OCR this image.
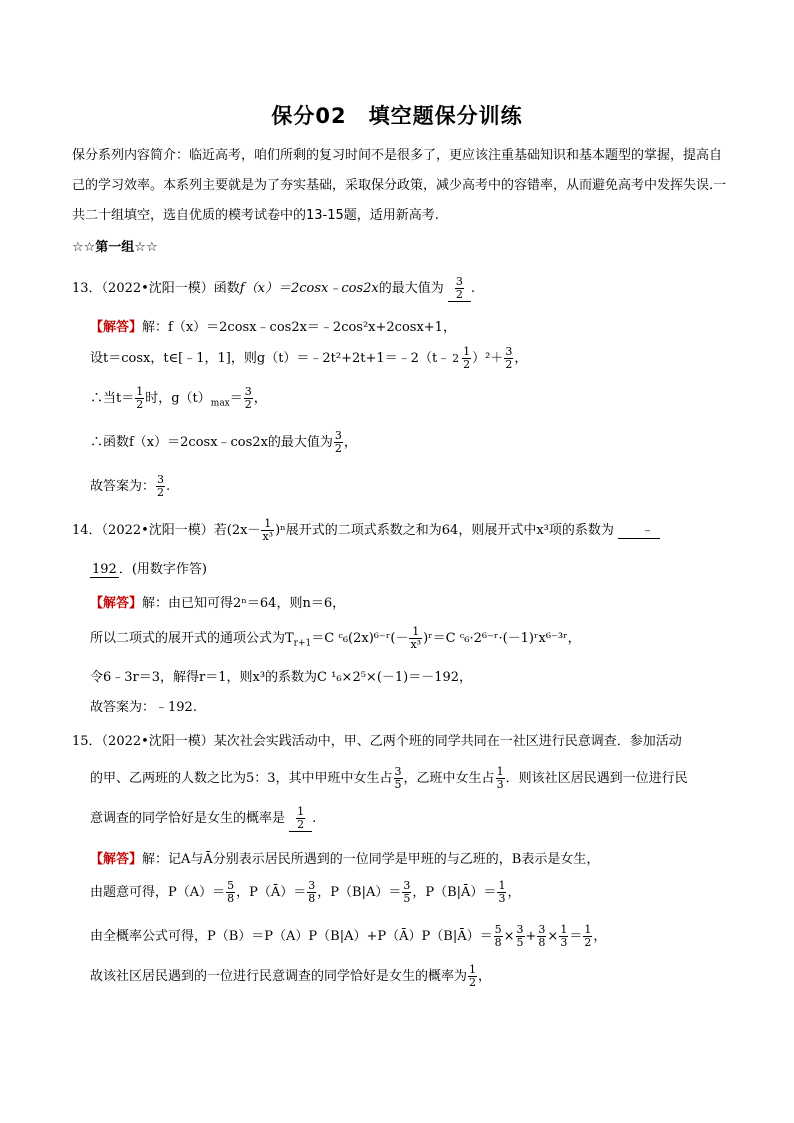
保分02　填空题保分训练

保分系列内容简介：临近高考，咱们所剩的复习时间不是很多了，更应该注重基础知识和基本题型的掌握，提高自己的学习效率。本系列主要就是为了夯实基础，采取保分政策，减少高考中的容错率，从而避免高考中发挥失误.一共二十组填空，选自优质的模考试卷中的13-15题，适用新高考.

☆☆第一组☆☆
13．（2022•沈阳一模）函数f（x）＝2cosx﹣cos2x的最大值为 $\frac{3}{2}$ .
【解答】解：f（x）＝2cosx﹣cos2x＝﹣2cos²x+2cosx+1，
设t＝cosx，t∈[﹣1，1]，则g（t）＝﹣2t²+2t+1＝﹣2（t﹣ $2 \frac{1}{2} )^2+ \frac{3}{2}$ ，
∴当$t= \frac{1}{2}$ 时，$g(t)_{max}= \frac{3}{2}$ ，
∴函数f（x）＝2cosx﹣cos2x的最大值为 $\frac{3}{2}$ ，
故答案为： $\frac{3}{2}$ .
14．（2022•沈阳一模）若$(2x- \frac{1}{\text{x³}} )^n$展开式的二项式系数之和为64，则展开式中x³项的系数为 ﹣
192 ．(用数字作答)
【解答】解：由已知可得2ⁿ＝64，则n＝6，
所以二项式的展开式的通项公式为$T_{r+1}=C$ ᶜ₆(2x)⁶⁻ʳ(－ $\frac{1}{\text{x³}}$ )ʳ＝C ᶜ₆·2⁶⁻ʳ·(－1)ʳx⁶⁻³ʳ，
令6﹣3r＝3，解得r＝1，则x³的系数为C ¹₆×2⁵×(－1)＝－192，
故答案为：﹣192.
15．（2022•沈阳一模）某次社会实践活动中，甲、乙两个班的同学共同在一社区进行民意调查．参加活动
的甲、乙两班的人数之比为5：3，其中甲班中女生占 $\frac{3}{5}$ ，乙班中女生占 $\frac{1}{3}$ ．则该社区居民遇到一位进行民
意调查的同学恰好是女生的概率是 $\frac{1}{2}$ .
【解答】解：记A与Ā分别表示居民所遇到的一位同学是甲班的与乙班的，B表示是女生，
由题意可得，$P(A)= \frac{5}{8}$ ，P（Ā）＝ $\frac{3}{8}$ ，$P(B|A)= \frac{3}{5}$ ，P（B|Ā）＝ $\frac{1}{3}$ ，
由全概率公式可得，P（B）＝P（A）P（B|A）+P（Ā）P（B|Ā）＝ $\frac{5}{8} \times \frac{3}{5} + \frac{3}{8} \times \frac{1}{3} = \frac{1}{2}$ ，
故该社区居民遇到的一位进行民意调查的同学恰好是女生的概率为 $\frac{1}{2}$ ，
